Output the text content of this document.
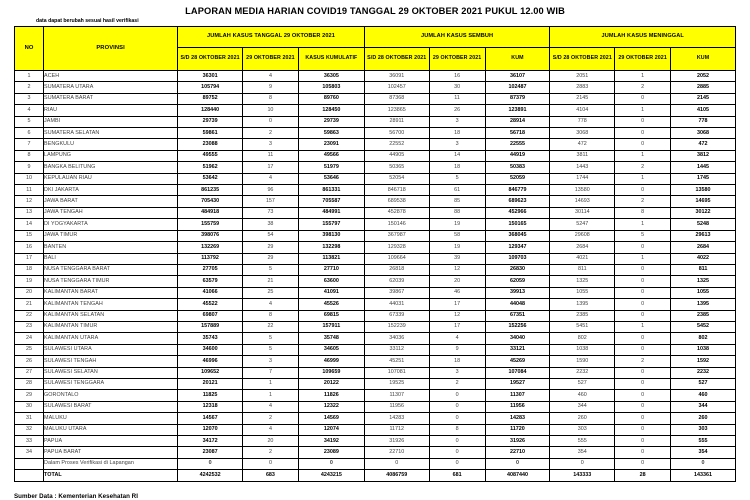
LAPORAN MEDIA HARIAN COVID19 TANGGAL 29 OKTOBER 2021 PUKUL 12.00 WIB
data dapat berubah sesuai hasil verifikasi
NO	PROVINSI	JUMLAH KASUS TANGGAL 29 OKTOBER 2021			JUMLAH KASUS SEMBUH			JUMLAH KASUS MENINGGAL		
		S/D 28 OKTOBER 2021	29 OKTOBER 2021	KASUS KUMULATIF	S/D 28 OKTOBER 2021	29 OKTOBER 2021	KUM	S/D 28 OKTOBER 2021	29 OKTOBER 2021	KUM
1	ACEH	36301	4	36305	36091	16	36107	2051	1	2052
2	SUMATERA UTARA	105794	9	105803	102457	30	102487	2883	2	2885
3	SUMATERA BARAT	89752	8	89760	87368	11	87379	2145	0	2145
4	RIAU	128440	10	128450	123865	26	123891	4104	1	4105
5	JAMBI	29739	0	29739	28911	3	28914	778	0	778
6	SUMATERA SELATAN	59861	2	59863	56700	18	56718	3068	0	3068
7	BENGKULU	23088	3	23091	22552	3	22555	472	0	472
8	LAMPUNG	49555	11	49566	44905	14	44919	3811	1	3812
9	BANGKA BELITUNG	51962	17	51979	50365	18	50383	1443	2	1445
10	KEPULAUAN RIAU	53642	4	53646	52054	5	52059	1744	1	1745
11	DKI JAKARTA	861235	96	861331	846718	61	846779	13580	0	13580
12	JAWA BARAT	705430	157	705587	689538	85	689623	14693	2	14695
13	JAWA TENGAH	484918	73	484991	452878	88	452966	30114	8	30122
14	DI YOGYAKARTA	155759	38	155797	150146	19	150165	5247	1	5248
15	JAWA TIMUR	398076	54	398130	367987	58	368045	29608	5	29613
16	BANTEN	132269	29	132298	129328	19	129347	2684	0	2684
17	BALI	113792	29	113821	109664	39	109703	4021	1	4022
18	NUSA TENGGARA BARAT	27705	5	27710	26818	12	26830	811	0	811
19	NUSA TENGGARA TIMUR	63579	21	63600	62039	20	62059	1325	0	1325
20	KALIMANTAN BARAT	41066	25	41091	39867	46	39913	1055	0	1055
21	KALIMANTAN TENGAH	45522	4	45526	44031	17	44048	1395	0	1395
22	KALIMANTAN SELATAN	69807	8	69815	67339	12	67351	2385	0	2385
23	KALIMANTAN TIMUR	157889	22	157911	152239	17	152256	5451	1	5452
24	KALIMANTAN UTARA	35743	5	35748	34036	4	34040	802	0	802
25	SULAWESI UTARA	34600	5	34605	33112	9	33121	1038	0	1038
26	SULAWESI TENGAH	46996	3	46999	45251	18	45269	1590	2	1592
27	SULAWESI SELATAN	109652	7	109659	107081	3	107084	2232	0	2232
28	SULAWESI TENGGARA	20121	1	20122	19525	2	19527	527	0	527
29	GORONTALO	11825	1	11826	11307	0	11307	460	0	460
30	SULAWESI BARAT	12318	4	12322	11956	0	11956	344	0	344
31	MALUKU	14567	2	14569	14283	0	14283	260	0	260
32	MALUKU UTARA	12070	4	12074	11712	8	11720	303	0	303
33	PAPUA	34172	20	34192	31926	0	31926	555	0	555
34	PAPUA BARAT	23087	2	23089	22710	0	22710	354	0	354
	Dalam Proses Verifikasi di Lapangan	0	0	0	0	0	0	0	0	0
	TOTAL	4242532	683	4243215	4086759	681	4087440	143333	28	143361
Sumber Data : Kementerian Kesehatan RI
